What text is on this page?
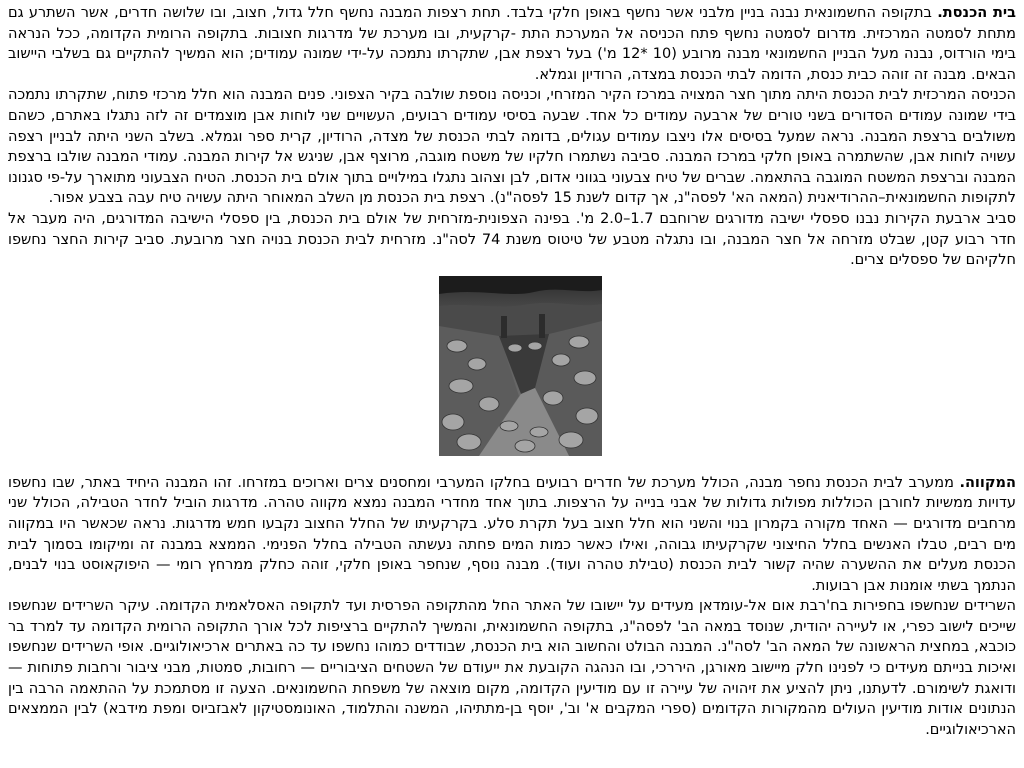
בית הכנסת. בתקופה החשמונאית נבנה בניין מלבני אשר נחשף באופן חלקי בלבד. תחת רצפות המבנה נחשף חלל גדול, חצוב, ובו שלושה חדרים, אשר השתרע גם מתחת לסמטה המרכזית. מדרום לסמטה נחשף פתח הכניסה אל המערכת התת -קרקעית, ובו מערכת של מדרגות חצובות. בתקופה הרומית הקדומה, ככל הנראה בימי הורדוס, נבנה מעל הבניין החשמונאי מבנה מרובע (10 *12 מ') בעל רצפת אבן, שתקרתו נתמכה על-ידי שמונה עמודים; הוא המשיך להתקיים גם בשלבי היישוב הבאים. מבנה זה זוהה כבית כנסת, הדומה לבתי הכנסת במצדה, הרודיון וגמלא.

הכניסה המרכזית לבית הכנסת היתה מתוך חצר המצויה במרכז הקיר המזרחי, וכניסה נוספת שולבה בקיר הצפוני. פנים המבנה הוא חלל מרכזי פתוח, שתקרתו נתמכה בידי שמונה עמודים הסדורים בשני טורים של ארבעה עמודים כל אחד. שבעה בסיסי עמודים רבועים, העשויים שני לוחות אבן מוצמדים זה לזה נתגלו באתרם, כשהם משולבים ברצפת המבנה. נראה שמעל בסיסים אלו ניצבו עמודים עגולים, בדומה לבתי הכנסת של מצדה, הרודיון, קרית ספר וגמלא. בשלב השני היתה לבניין רצפה עשויה לוחות אבן, שהשתמרה באופן חלקי במרכז המבנה. סביבה נשתמרו חלקיו של משטח מוגבה, מרוצף אבן, שניגש אל קירות המבנה. עמודי המבנה שולבו ברצפת המבנה וברצפת המשטח המוגבה בהתאמה. שברים של טיח צבעוני בגווני אדום, לבן וצהוב נתגלו במילויים בתוך אולם בית הכנסת. הטיח הצבעוני מתוארך על-פי סגנונו לתקופות החשמונאית–ההרודיאנית (המאה הא' לפסה"נ, אך קדום לשנת 15 לפסה"נ). רצפת בית הכנסת מן השלב המאוחר היתה עשויה טיח עבה בצבע אפור.

סביב ארבעת הקירות נבנו ספסלי ישיבה מדורגים שרוחבם 1.7–2.0 מ'. בפינה הצפונית-מזרחית של אולם בית הכנסת, בין ספסלי הישיבה המדורגים, היה מעבר אל חדר רבוע קטן, שבלט מזרחה אל חצר המבנה, ובו נתגלה מטבע של טיטוס משנת 74 לסה"נ. מזרחית לבית הכנסת בנויה חצר מרובעת. סביב קירות החצר נחשפו חלקיהם של ספסלים צרים.

המקווה. ממערב לבית הכנסת נחפר מבנה, הכולל מערכת של חדרים רבועים בחלקו המערבי ומחסנים צרים וארוכים במזרחו. זהו המבנה היחיד באתר, שבו נחשפו עדויות ממשיות לחורבן הכוללות מפולות גדולות של אבני בנייה על הרצפות. בתוך אחד מחדרי המבנה נמצא מקווה טהרה. מדרגות הוביל לחדר הטבילה, הכולל שני מרחבים מדורגים — האחד מקורה בקמרון בנוי והשני הוא חלל חצוב בעל תקרת סלע. בקרקעיתו של החלל החצוב נקבעו חמש מדרגות. נראה שכאשר היו במקווה מים רבים, טבלו האנשים בחלל החיצוני שקרקעיתו גבוהה, ואילו כאשר כמות המים פחתה נעשתה הטבילה בחלל הפנימי. הממצא במבנה זה ומיקומו בסמוך לבית הכנסת מעלים את ההשערה שהיה קשור לבית הכנסת (טבילת טהרה ועוד). מבנה נוסף, שנחפר באופן חלקי, זוהה כחלק ממרחץ רומי — היפוקאוסט בנוי לבנים, הנתמך בשתי אומנות אבן רבועות.

השרידים שנחשפו בחפירות בח'רבת אום אל-עומדאן מעידים על יישובו של האתר החל מהתקופה הפרסית ועד לתקופה האסלאמית הקדומה. עיקר השרידים שנחשפו שייכים לישוב כפרי, או לעיירה יהודית, שנוסד במאה הב' לפסה"נ, בתקופה החשמונאית, והמשיך להתקיים ברציפות לכל אורך התקופה הרומית הקדומה עד למרד בר כוכבא, במחצית הראשונה של המאה הב' לסה"נ. המבנה הבולט והחשוב הוא בית הכנסת, שבודדים כמוהו נחשפו עד כה באתרים ארכיאולוגיים. אופי השרידים שנחשפו ואיכות בנייתם מעידים כי לפנינו חלק מיישוב מאורגן, היררכי, ובו הנהגה הקובעת את ייעודם של השטחים הציבוריים — רחובות, סמטות, מבני ציבור ורחבות פתוחות — ודואגת לשימורם. לדעתנו, ניתן להציע את זיהויה של עיירה זו עם מודיעין הקדומה, מקום מוצאה של משפחת החשמונאים. הצעה זו מסתמכת על ההתאמה הרבה בין הנתונים אודות מודיעין העולים מהמקורות הקדומים (ספרי המקבים א' וב', יוסף בן-מתתיהו, המשנה והתלמוד, האונומסטיקון לאבזביוס ומפת מידבא) לבין הממצאים הארכיאולוגיים.
